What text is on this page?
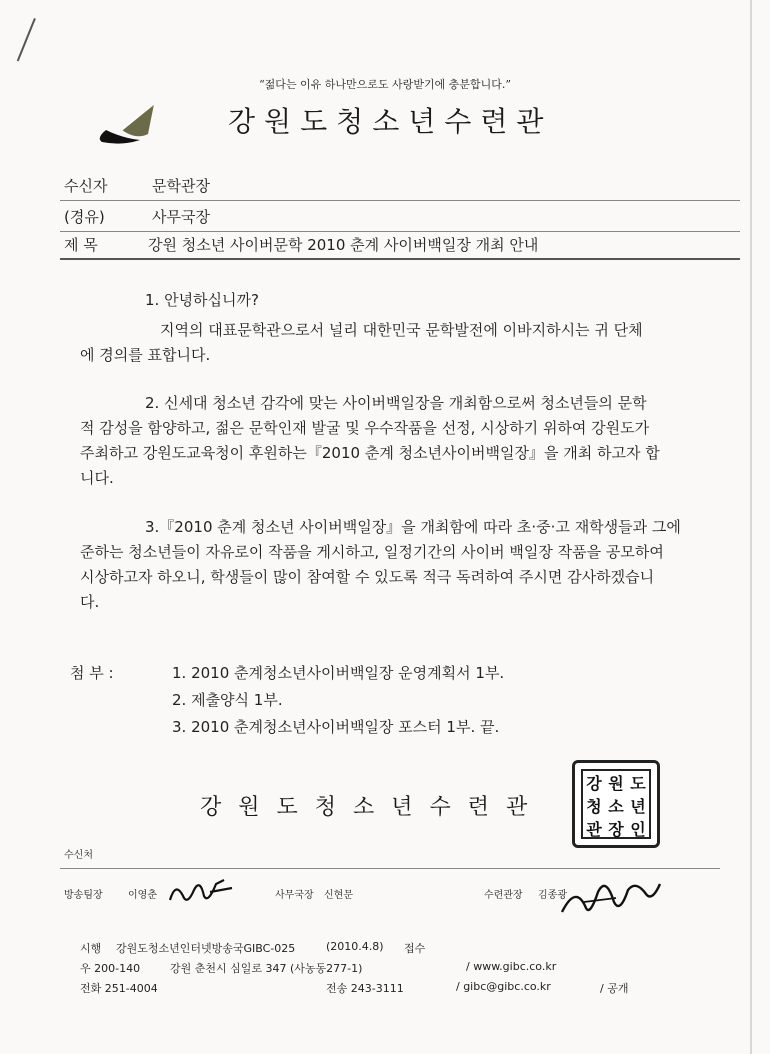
“젊다는 이유 하나만으로도 사랑받기에 충분합니다.”
강원도청소년수련관
수신자	문학관장
(경유)	사무국장
제 목	강원 청소년 사이버문학 2010 춘계 사이버백일장 개최 안내
1. 안녕하십니까?
지역의 대표문학관으로서 널리 대한민국 문학발전에 이바지하시는 귀 단체
에 경의를 표합니다.
2. 신세대 청소년 감각에 맞는 사이버백일장을 개최함으로써 청소년들의 문학
적 감성을 함양하고, 젊은 문학인재 발굴 및 우수작품을 선정, 시상하기 위하여 강원도가
주최하고 강원도교육청이 후원하는『2010 춘계 청소년사이버백일장』을 개최 하고자 합
니다.
3.『2010 춘계 청소년 사이버백일장』을 개최함에 따라 초·중·고 재학생들과 그에
준하는 청소년들이 자유로이 작품을 게시하고, 일정기간의 사이버 백일장 작품을 공모하여
시상하고자 하오니, 학생들이 많이 참여할 수 있도록 적극 독려하여 주시면 감사하겠습니
다.
첨 부 :	1. 2010 춘계청소년사이버백일장 운영계획서 1부.
2. 제출양식 1부.
3. 2010 춘계청소년사이버백일장 포스터 1부. 끝.
강원도청소년수련관
강 원 도
청 소 년
관 장 인
수신처
방송팀장	이영춘	사무국장 신현문	수련관장 김종광
시행 강원도청소년인터넷방송국GIBC-025	(2010.4.8) 접수
우 200-140	강원 춘천시 심일로 347 (사농동277-1)	/ www.gibc.co.kr
전화 251-4004	전송 243-3111	/ gibc@gibc.co.kr	/ 공개
